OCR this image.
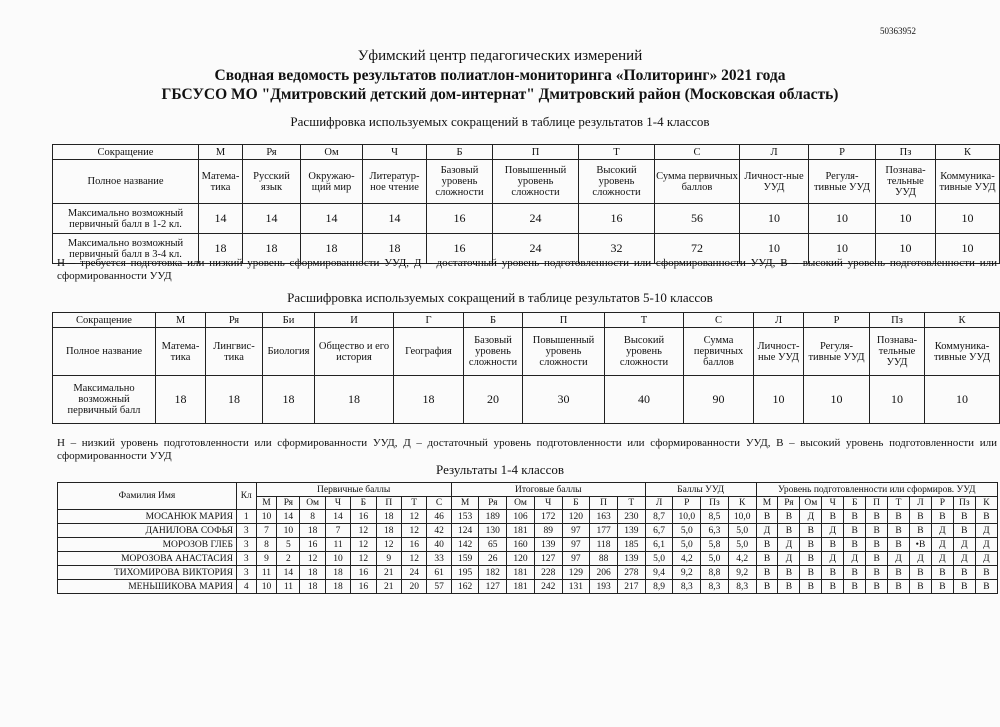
50363952
Уфимский центр педагогических измерений
Сводная ведомость результатов полиатлон-мониторинга «Политоринг» 2021 года
ГБСУСО МО "Дмитровский детский дом-интернат" Дмитровский район (Московская область)
Расшифровка используемых сокращений в таблице результатов 1-4 классов
Сокращение	М	Ря	Ом	Ч	Б	П	Т	С	Л	Р	Пз	К
Полное название	Матема-тика	Русский язык	Окружаю-щий мир	Литератур-ное чтение	Базовый уровень сложности	Повышенный уровень сложности	Высокий уровень сложности	Сумма первичных баллов	Личност-ные УУД	Регуля-тивные УУД	Познава-тельные УУД	Коммуника-тивные УУД
Максимально возможный первичный балл в 1-2 кл.	14	14	14	14	16	24	16	56	10	10	10	10
Максимально возможный первичный балл в 3-4 кл.	18	18	18	18	16	24	32	72	10	10	10	10
Н – требуется подготовка или низкий уровень сформированности УУД, Д – достаточный уровень подготовленности или сформированности УУД, В – высокий уровень подготовленности или сформированности УУД
Расшифровка используемых сокращений в таблице результатов 5-10 классов
Сокращение	М	Ря	Би	И	Г	Б	П	Т	С	Л	Р	Пз	К
Полное название	Матема-тика	Лингвис-тика	Биология	Общество и его история	География	Базовый уровень сложности	Повышенный уровень сложности	Высокий уровень сложности	Сумма первичных баллов	Личност-ные УУД	Регуля-тивные УУД	Познава-тельные УУД	Коммуника-тивные УУД
Максимально возможный первичный балл	18	18	18	18	18	20	30	40	90	10	10	10	10
Н – низкий уровень подготовленности или сформированности УУД, Д – достаточный уровень подготовленности или сформированности УУД, В – высокий уровень подготовленности или сформированности УУД
Результаты 1-4 классов
Фамилия Имя	Кл	Первичные баллы								Итоговые баллы							Баллы УУД				Уровень подготовленности или сформиров. УУД										
		М	Ря	Ом	Ч	Б	П	Т	С	М	Ря	Ом	Ч	Б	П	Т	Л	Р	Пз	К	М	Ря	Ом	Ч	Б	П	Т	Л	Р	Пз	К
МОСАНЮК МАРИЯ	1	10	14	8	14	16	18	12	46	153	189	106	172	120	163	230	8,7	10,0	8,5	10,0	В	В	Д	В	В	В	В	В	В	В	В
ДАНИЛОВА СОФЬЯ	3	7	10	18	7	12	18	12	42	124	130	181	89	97	177	139	6,7	5,0	6,3	5,0	Д	В	В	Д	В	В	В	В	Д	В	Д
МОРОЗОВ ГЛЕБ	3	8	5	16	11	12	12	16	40	142	65	160	139	97	118	185	6,1	5,0	5,8	5,0	В	Д	В	В	В	В	В	•В	Д	Д	Д
МОРОЗОВА АНАСТАСИЯ	3	9	2	12	10	12	9	12	33	159	26	120	127	97	88	139	5,0	4,2	5,0	4,2	В	Д	В	Д	Д	В	Д	Д	Д	Д	Д
ТИХОМИРОВА ВИКТОРИЯ	3	11	14	18	18	16	21	24	61	195	182	181	228	129	206	278	9,4	9,2	8,8	9,2	В	В	В	В	В	В	В	В	В	В	В
МЕНЬШИКОВА МАРИЯ	4	10	11	18	18	16	21	20	57	162	127	181	242	131	193	217	8,9	8,3	8,3	8,3	В	В	В	В	В	В	В	В	В	В	В
